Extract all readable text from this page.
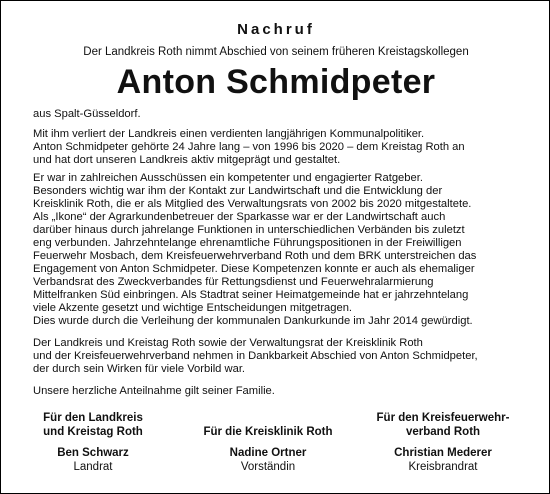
Nachruf
Der Landkreis Roth nimmt Abschied von seinem früheren Kreistagskollegen
Anton Schmidpeter

aus Spalt-Güsseldorf.

Mit ihm verliert der Landkreis einen verdienten langjährigen Kommunalpolitiker.
Anton Schmidpeter gehörte 24 Jahre lang – von 1996 bis 2020 – dem Kreistag Roth an
und hat dort unseren Landkreis aktiv mitgeprägt und gestaltet.

Er war in zahlreichen Ausschüssen ein kompetenter und engagierter Ratgeber.
Besonders wichtig war ihm der Kontakt zur Landwirtschaft und die Entwicklung der
Kreisklinik Roth, die er als Mitglied des Verwaltungsrats von 2002 bis 2020 mitgestaltete.
Als „Ikone“ der Agrarkundenbetreuer der Sparkasse war er der Landwirtschaft auch
darüber hinaus durch jahrelange Funktionen in unterschiedlichen Verbänden bis zuletzt
eng verbunden. Jahrzehntelange ehrenamtliche Führungspositionen in der Freiwilligen
Feuerwehr Mosbach, dem Kreisfeuerwehrverband Roth und dem BRK unterstreichen das
Engagement von Anton Schmidpeter. Diese Kompetenzen konnte er auch als ehemaliger
Verbandsrat des Zweckverbandes für Rettungsdienst und Feuerwehralarmierung
Mittelfranken Süd einbringen. Als Stadtrat seiner Heimatgemeinde hat er jahrzehntelang
viele Akzente gesetzt und wichtige Entscheidungen mitgetragen.
Dies wurde durch die Verleihung der kommunalen Dankurkunde im Jahr 2014 gewürdigt.

Der Landkreis und Kreistag Roth sowie der Verwaltungsrat der Kreisklinik Roth
und der Kreisfeuerwehrverband nehmen in Dankbarkeit Abschied von Anton Schmidpeter,
der durch sein Wirken für viele Vorbild war.

Unsere herzliche Anteilnahme gilt seiner Familie.

Für den Landkreis
und Kreistag Roth
Ben Schwarz
Landrat
Für die Kreisklinik Roth
Nadine Ortner
Vorständin
Für den Kreisfeuerwehr-
verband Roth
Christian Mederer
Kreisbrandrat
